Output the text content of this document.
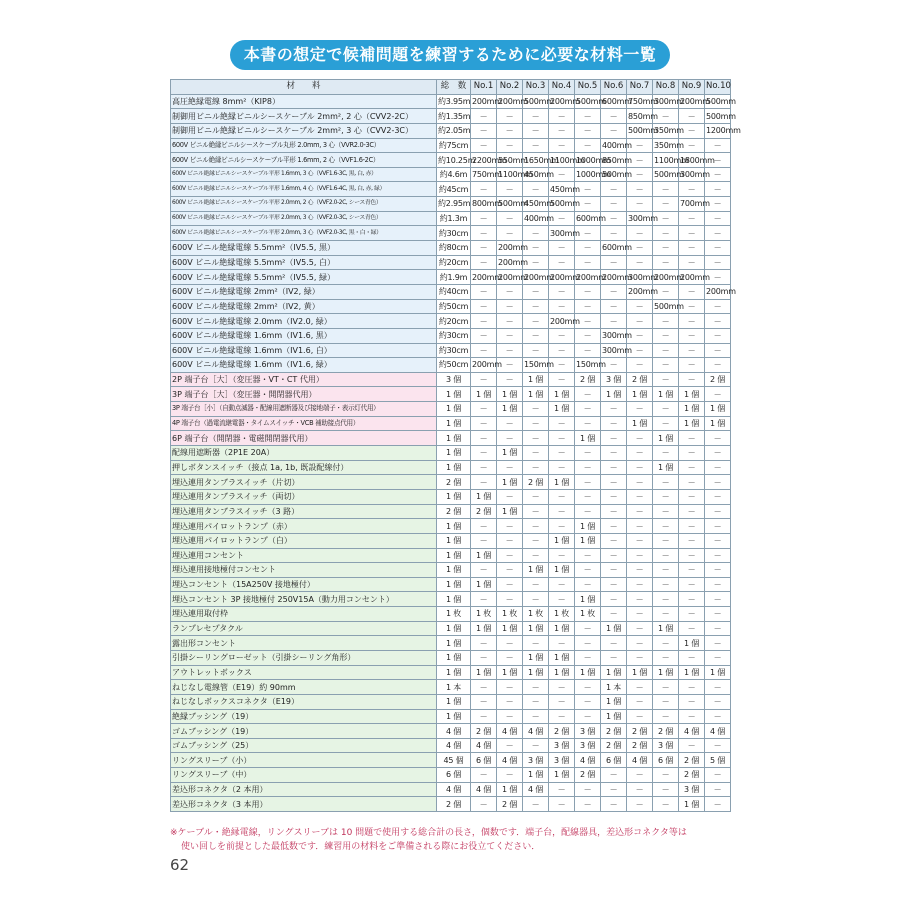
本書の想定で候補問題を練習するために必要な材料一覧
材　　料	総　数	No.1	No.2	No.3	No.4	No.5	No.6	No.7	No.8	No.9	No.10
高圧絶縁電線 8mm²（KIP8）	約3.95m	200mm	200mm	500mm	200mm	500mm	600mm	750mm	300mm	200mm	500mm
制御用ビニル絶縁ビニルシースケーブル 2mm², 2 心（CVV2-2C）	約1.35m	－	－	－	－	－	－	850mm	－	－	500mm
制御用ビニル絶縁ビニルシースケーブル 2mm², 3 心（CVV2-3C）	約2.05m	－	－	－	－	－	－	500mm	350mm	－	1200mm
600V ビニル絶縁ビニルシースケーブル丸形 2.0mm, 3 心（VVR2.0-3C）	約75cm	－	－	－	－	－	400mm	－	350mm	－	－
600V ビニル絶縁ビニルシースケーブル平形 1.6mm, 2 心（VVF1.6-2C）	約10.25m	2200mm	550mm	1650mm	1100mm	1000mm	850mm	－	1100mm	1800mm	－
600V ビニル絶縁ビニルシースケーブル平形 1.6mm, 3 心（VVF1.6-3C, 黒, 白, 赤）	約4.6m	750mm	1100mm	450mm	－	1000mm	500mm	－	500mm	300mm	－
600V ビニル絶縁ビニルシースケーブル平形 1.6mm, 4 心（VVF1.6-4C, 黒, 白, 赤, 緑）	約45cm	－	－	－	450mm	－	－	－	－	－	－
600V ビニル絶縁ビニルシースケーブル平形 2.0mm, 2 心（VVF2.0-2C, シース青色）	約2.95m	800mm	500mm	450mm	500mm	－	－	－	－	700mm	－
600V ビニル絶縁ビニルシースケーブル平形 2.0mm, 3 心（VVF2.0-3C, シース青色）	約1.3m	－	－	400mm	－	600mm	－	300mm	－	－	－
600V ビニル絶縁ビニルシースケーブル平形 2.0mm, 3 心（VVF2.0-3C, 黒・白・緑）	約30cm	－	－	－	300mm	－	－	－	－	－	－
600V ビニル絶縁電線 5.5mm²（IV5.5, 黒）	約80cm	－	200mm	－	－	－	600mm	－	－	－	－
600V ビニル絶縁電線 5.5mm²（IV5.5, 白）	約20cm	－	200mm	－	－	－	－	－	－	－	－
600V ビニル絶縁電線 5.5mm²（IV5.5, 緑）	約1.9m	200mm	200mm	200mm	200mm	200mm	200mm	300mm	200mm	200mm	－
600V ビニル絶縁電線 2mm²（IV2, 緑）	約40cm	－	－	－	－	－	－	200mm	－	－	200mm
600V ビニル絶縁電線 2mm²（IV2, 黄）	約50cm	－	－	－	－	－	－	－	500mm	－	－
600V ビニル絶縁電線 2.0mm（IV2.0, 緑）	約20cm	－	－	－	200mm	－	－	－	－	－	－
600V ビニル絶縁電線 1.6mm（IV1.6, 黒）	約30cm	－	－	－	－	－	300mm	－	－	－	－
600V ビニル絶縁電線 1.6mm（IV1.6, 白）	約30cm	－	－	－	－	－	300mm	－	－	－	－
600V ビニル絶縁電線 1.6mm（IV1.6, 緑）	約50cm	200mm	－	150mm	－	150mm	－	－	－	－	－
2P 端子台［大］（変圧器・VT・CT 代用）	3 個	－	－	1 個	－	2 個	3 個	2 個	－	－	2 個
3P 端子台［大］（変圧器・開閉器代用）	1 個	1 個	1 個	1 個	1 個	－	1 個	1 個	1 個	1 個	－
3P 端子台［小］（自動点滅器・配線用遮断器及び接地端子・表示灯代用）	1 個	－	1 個	－	1 個	－	－	－	－	1 個	1 個
4P 端子台（過電流継電器・タイムスイッチ・VCB 補助接点代用）	1 個	－	－	－	－	－	－	1 個	－	1 個	1 個
6P 端子台（開閉器・電磁開閉器代用）	1 個	－	－	－	－	1 個	－	－	1 個	－	－
配線用遮断器（2P1E 20A）	1 個	－	1 個	－	－	－	－	－	－	－	－
押しボタンスイッチ（接点 1a, 1b, 既設配線付）	1 個	－	－	－	－	－	－	－	1 個	－	－
埋込連用タンブラスイッチ（片切）	2 個	－	1 個	2 個	1 個	－	－	－	－	－	－
埋込連用タンブラスイッチ（両切）	1 個	1 個	－	－	－	－	－	－	－	－	－
埋込連用タンブラスイッチ（3 路）	2 個	2 個	1 個	－	－	－	－	－	－	－	－
埋込連用パイロットランプ（赤）	1 個	－	－	－	－	1 個	－	－	－	－	－
埋込連用パイロットランプ（白）	1 個	－	－	－	1 個	1 個	－	－	－	－	－
埋込連用コンセント	1 個	1 個	－	－	－	－	－	－	－	－	－
埋込連用接地極付コンセント	1 個	－	－	1 個	1 個	－	－	－	－	－	－
埋込コンセント（15A250V 接地極付）	1 個	1 個	－	－	－	－	－	－	－	－	－
埋込コンセント 3P 接地極付 250V15A（動力用コンセント）	1 個	－	－	－	－	1 個	－	－	－	－	－
埋込連用取付枠	1 枚	1 枚	1 枚	1 枚	1 枚	1 枚	－	－	－	－	－
ランプレセプタクル	1 個	1 個	1 個	1 個	1 個	－	1 個	－	1 個	－	－
露出形コンセント	1 個	－	－	－	－	－	－	－	－	1 個	－
引掛シーリングローゼット（引掛シーリング角形）	1 個	－	－	1 個	1 個	－	－	－	－	－	－
アウトレットボックス	1 個	1 個	1 個	1 個	1 個	1 個	1 個	1 個	1 個	1 個	1 個
ねじなし電線管（E19）約 90mm	1 本	－	－	－	－	－	1 本	－	－	－	－
ねじなしボックスコネクタ（E19）	1 個	－	－	－	－	－	1 個	－	－	－	－
絶縁ブッシング（19）	1 個	－	－	－	－	－	1 個	－	－	－	－
ゴムブッシング（19）	4 個	2 個	4 個	4 個	2 個	3 個	2 個	2 個	2 個	4 個	4 個
ゴムブッシング（25）	4 個	4 個	－	－	3 個	3 個	2 個	2 個	3 個	－	－
リングスリーブ（小）	45 個	6 個	4 個	3 個	3 個	4 個	6 個	4 個	6 個	2 個	5 個
リングスリーブ（中）	6 個	－	－	1 個	1 個	2 個	－	－	－	2 個	－
差込形コネクタ（2 本用）	4 個	4 個	1 個	4 個	－	－	－	－	－	3 個	－
差込形コネクタ（3 本用）	2 個	－	2 個	－	－	－	－	－	－	1 個	－
※ケーブル・絶縁電線，リングスリーブは 10 問題で使用する総合計の長さ，個数です．端子台，配線器具，差込形コネクタ等は
使い回しを前提とした最低数です．練習用の材料をご準備される際にお役立てください．
62
